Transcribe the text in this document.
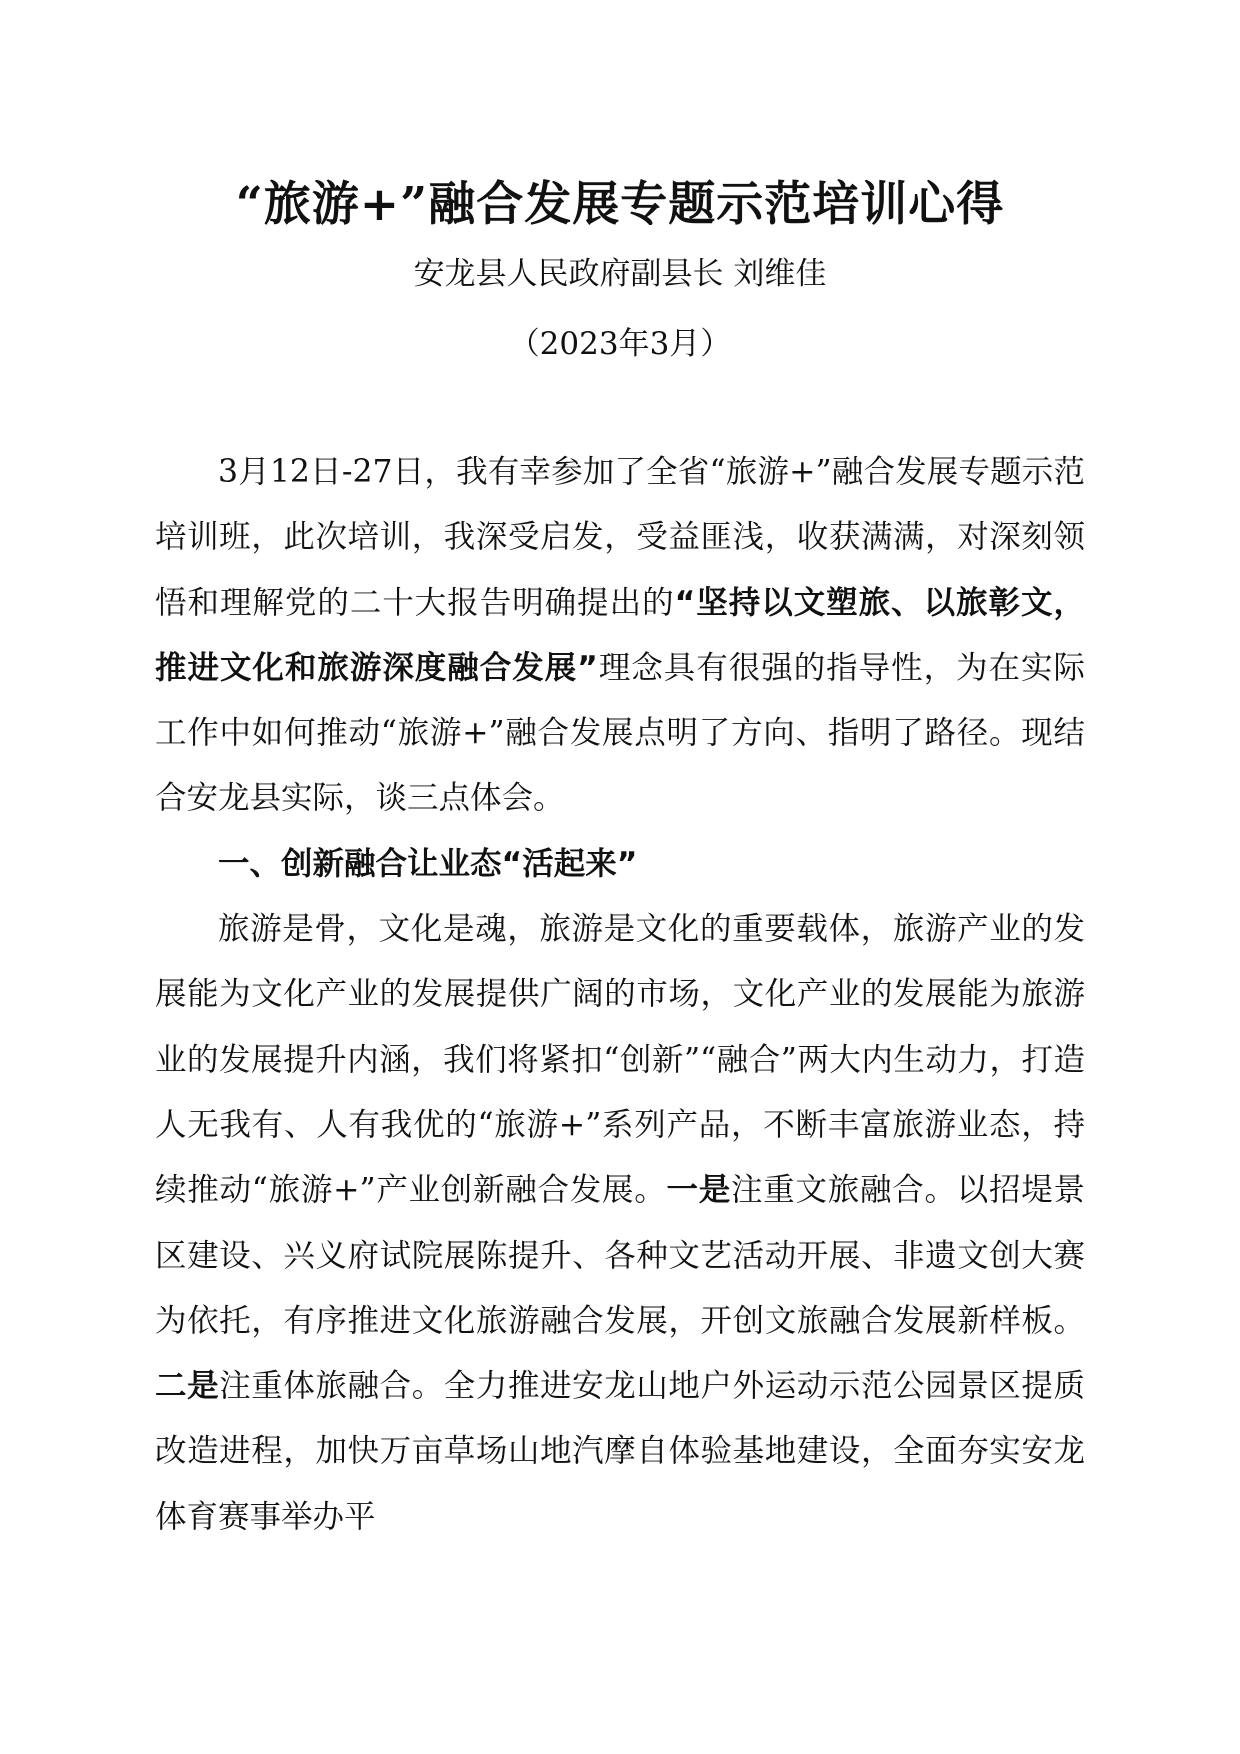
“旅游+”融合发展专题示范培训心得
安龙县人民政府副县长 刘维佳
（2023年3月）

3月12日-27日，我有幸参加了全省“旅游+”融合发展专题示范培训班，此次培训，我深受启发，受益匪浅，收获满满，对深刻领悟和理解党的二十大报告明确提出的“坚持以文塑旅、以旅彰文，推进文化和旅游深度融合发展”理念具有很强的指导性，为在实际工作中如何推动“旅游+”融合发展点明了方向、指明了路径。现结合安龙县实际，谈三点体会。

一、创新融合让业态“活起来”

旅游是骨，文化是魂，旅游是文化的重要载体，旅游产业的发展能为文化产业的发展提供广阔的市场，文化产业的发展能为旅游业的发展提升内涵，我们将紧扣“创新”“融合”两大内生动力，打造人无我有、人有我优的“旅游+”系列产品，不断丰富旅游业态，持续推动“旅游+”产业创新融合发展。一是注重文旅融合。以招堤景区建设、兴义府试院展陈提升、各种文艺活动开展、非遗文创大赛为依托，有序推进文化旅游融合发展，开创文旅融合发展新样板。二是注重体旅融合。全力推进安龙山地户外运动示范公园景区提质改造进程，加快万亩草场山地汽摩自体验基地建设，全面夯实安龙体育赛事举办平
